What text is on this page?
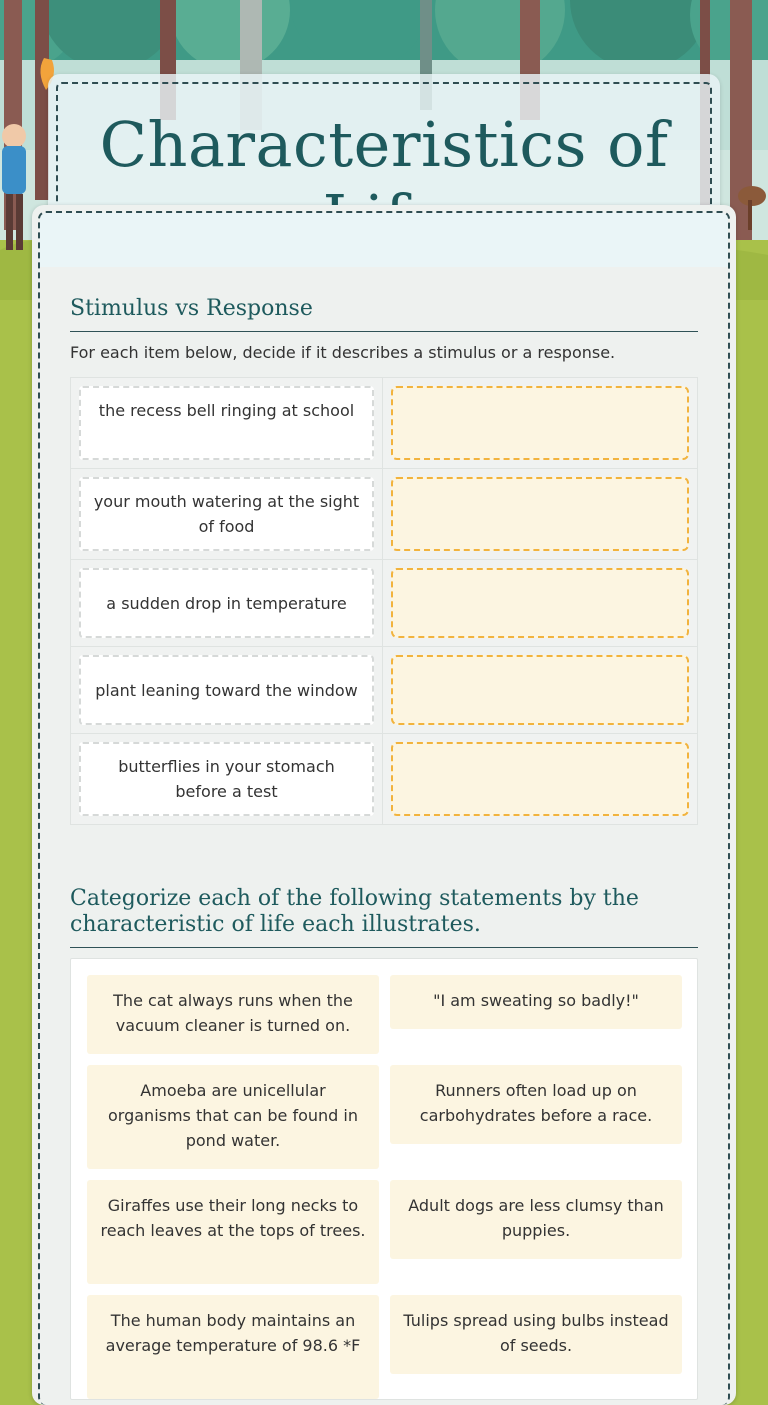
Characteristics of
Stimulus vs Response

For each item below, decide if it describes a stimulus or a response.

the recess bell ringing at school
your mouth watering at the sight of food
a sudden drop in temperature
plant leaning toward the window
butterflies in your stomach before a test
Categorize each of the following statements by the characteristic of life each illustrates.
The cat always runs when the vacuum cleaner is turned on.
"I am sweating so badly!"
Amoeba are unicellular organisms that can be found in pond water.
Runners often load up on carbohydrates before a race.
Giraffes use their long necks to reach leaves at the tops of trees.
Adult dogs are less clumsy than puppies.
The human body maintains an average temperature of 98.6 *F
Tulips spread using bulbs instead of seeds.
